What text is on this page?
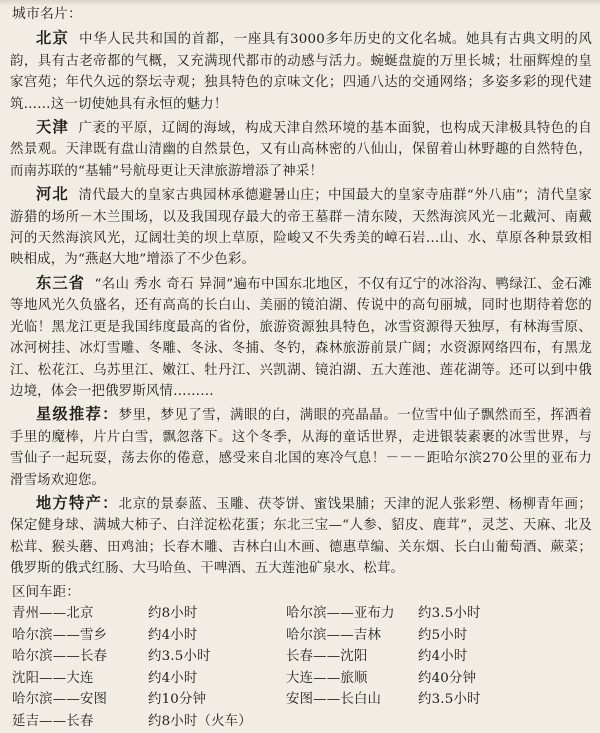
城市名片：

北京 中华人民共和国的首都，一座具有3000多年历史的文化名城。她具有古典文明的风韵，具有古老帝都的气概，又充满现代都市的动感与活力。蜿蜒盘旋的万里长城；壮丽辉煌的皇家宫苑；年代久远的祭坛寺观；独具特色的京味文化；四通八达的交通网络；多姿多彩的现代建筑……这一切使她具有永恒的魅力！

天津 广袤的平原，辽阔的海域，构成天津自然环境的基本面貌，也构成天津极具特色的自然景观。天津既有盘山清幽的自然景色，又有山高林密的八仙山，保留着山林野趣的自然特色，而南苏联的“基辅”号航母更让天津旅游增添了神采！

河北 清代最大的皇家古典园林承德避暑山庄；中国最大的皇家寺庙群“外八庙”；清代皇家游猎的场所－木兰围场，以及我国现存最大的帝王墓群－清东陵，天然海滨风光－北戴河、南戴河的天然海滨风光，辽阔壮美的坝上草原，险峻又不失秀美的嶂石岩…山、水、草原各种景致相映相成，为“燕赵大地”增添了不少色彩。

东三省 “名山 秀水 奇石 异洞”遍布中国东北地区，不仅有辽宁的冰浴沟、鸭绿江、金石滩等地风光久负盛名，还有高高的长白山、美丽的镜泊湖、传说中的高句丽城，同时也期待着您的光临！黑龙江更是我国纬度最高的省份，旅游资源独具特色，冰雪资源得天独厚，有林海雪原、冰河树挂、冰灯雪雕、冬雕、冬泳、冬捕、冬钓，森林旅游前景广阔；水资源网络四布，有黑龙江、松花江、乌苏里江、嫩江、牡丹江、兴凯湖、镜泊湖、五大莲池、莲花湖等。还可以到中俄边境，体会一把俄罗斯风情………

星级推荐：梦里，梦见了雪，满眼的白，满眼的亮晶晶。一位雪中仙子飘然而至，挥洒着手里的魔棒，片片白雪，飘忽落下。这个冬季，从海的童话世界，走进银装素裹的冰雪世界，与雪仙子一起玩耍，荡去你的倦意，感受来自北国的寒冷气息！－－－距哈尔滨270公里的亚布力滑雪场欢迎您。

地方特产：北京的景泰蓝、玉雕、茯苓饼、蜜饯果脯；天津的泥人张彩塑、杨柳青年画；保定健身球、满城大柿子、白洋淀松花蛋；东北三宝—“人参、貂皮、鹿茸”，灵芝、天麻、北及松茸、猴头蘑、田鸡油；长春木雕、吉林白山木画、德惠草编、关东烟、长白山葡萄酒、蕨菜；俄罗斯的俄式红肠、大马哈鱼、干啤酒、五大莲池矿泉水、松茸。

区间车距：
青州——北京	约8小时	哈尔滨——亚布力	约3.5小时
哈尔滨——雪乡	约4小时	哈尔滨——吉林	约5小时
哈尔滨——长春	约3.5小时	长春——沈阳	约4小时
沈阳——大连	约4小时	大连——旅顺	约40分钟
哈尔滨——安图	约10分钟	安图——长白山	约3.5小时
延吉——长春	约8小时（火车）
